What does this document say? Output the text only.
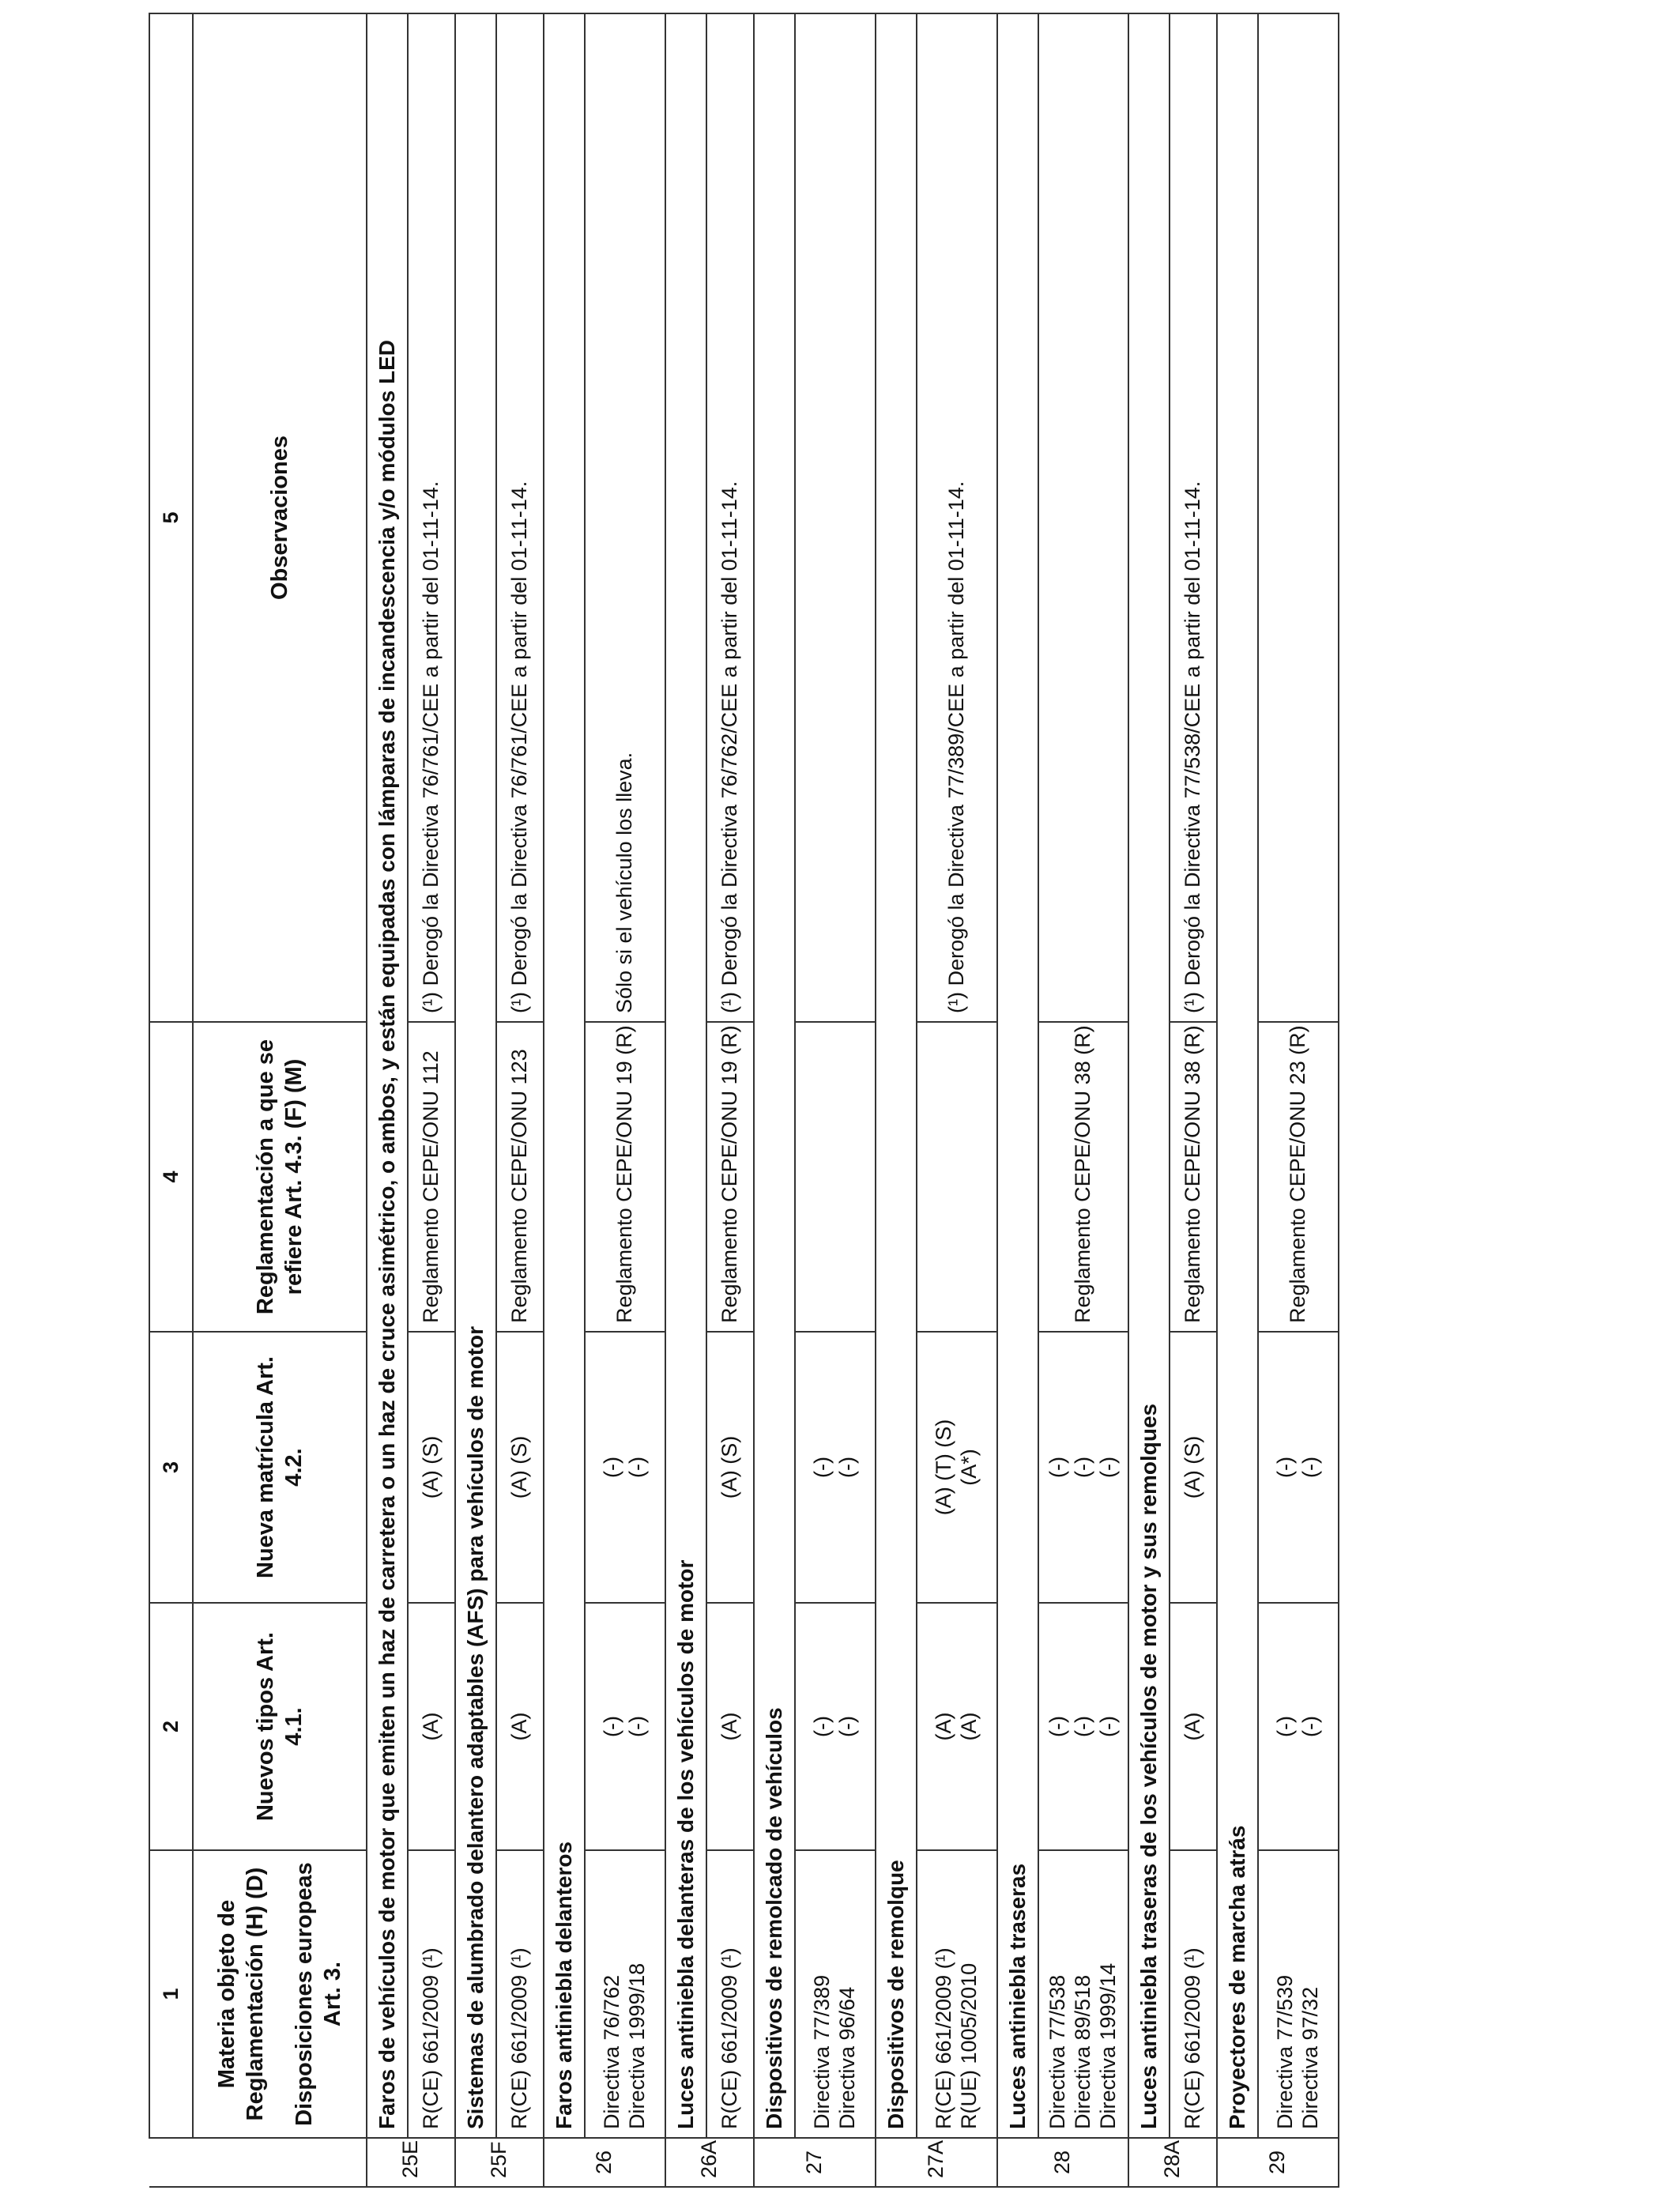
	1	2	3	4	5

	Materia objeto de Reglamentación (H) (D) Disposiciones europeas Art. 3.	Nuevos tipos Art. 4.1.	Nueva matrícula Art. 4.2.	Reglamentación a que se refiere Art. 4.3. (F) (M)	Observaciones
25E	Faros de vehículos de motor que emiten un haz de carretera o un haz de cruce asimétrico, o ambos, y están equipadas con lámparas de incandescencia y/o módulos LED				

	R(CE) 661/2009 (¹)	(A)	(A) (S)	Reglamento CEPE/ONU 112	(¹) Derogó la Directiva 76/761/CEE a partir del 01-11-14.
25F	Sistemas de alumbrado delantero adaptables (AFS) para vehículos de motor				

	R(CE) 661/2009 (¹)	(A)	(A) (S)	Reglamento CEPE/ONU 123	(¹) Derogó la Directiva 76/761/CEE a partir del 01-11-14.
26	Faros antiniebla delanteros				

	Directiva 76/762 Directiva 1999/18	(-) (-)	(-) (-)	Reglamento CEPE/ONU 19 (R)	Sólo si el vehículo los lleva.
26A	Luces antiniebla delanteras de los vehículos de motor				

	R(CE) 661/2009 (¹)	(A)	(A) (S)	Reglamento CEPE/ONU 19 (R)	(¹) Derogó la Directiva 76/762/CEE a partir del 01-11-14.
27	Dispositivos de remolcado de vehículos				

	Directiva 77/389 Directiva 96/64	(-) (-)	(-) (-)		

27A	Dispositivos de remolque				

	R(CE) 661/2009 (¹) R(UE) 1005/2010	(A) (A)	(A) (T) (S) (A*)		(¹) Derogó la Directiva 77/389/CEE a partir del 01-11-14.
28	Luces antiniebla traseras				

	Directiva 77/538 Directiva 89/518 Directiva 1999/14	(-) (-) (-)	(-) (-) (-)	Reglamento CEPE/ONU 38 (R)	

28A	Luces antiniebla traseras de los vehículos de motor y sus remolques				

	R(CE) 661/2009 (¹)	(A)	(A) (S)	Reglamento CEPE/ONU 38 (R)	(¹) Derogó la Directiva 77/538/CEE a partir del 01-11-14.
29	Proyectores de marcha atrás				

	Directiva 77/539 Directiva 97/32	(-) (-)	(-) (-)	Reglamento CEPE/ONU 23 (R)	
